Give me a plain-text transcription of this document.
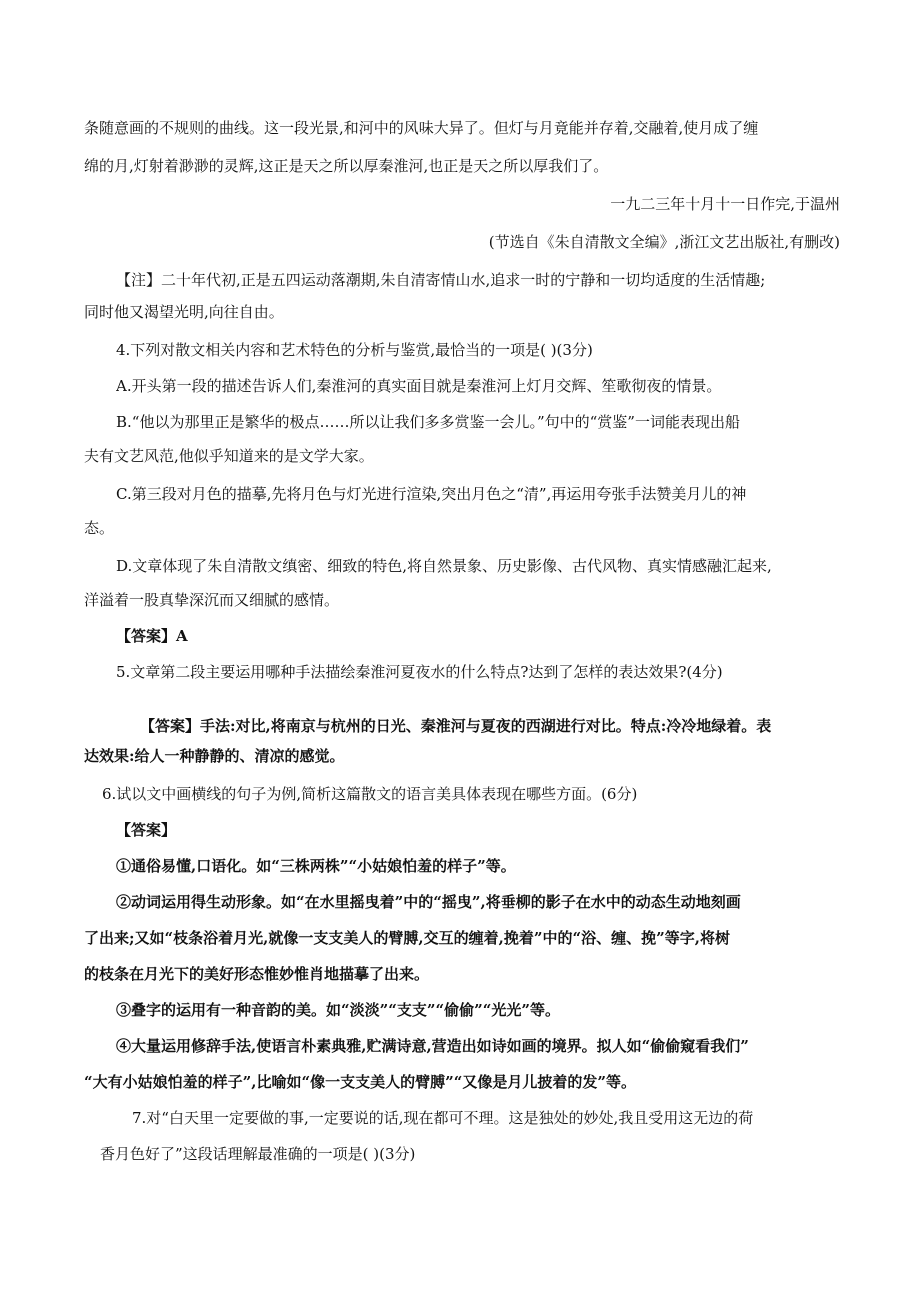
条随意画的不规则的曲线。这一段光景,和河中的风味大异了。但灯与月竟能并存着,交融着,使月成了缠
绵的月,灯射着渺渺的灵辉,这正是天之所以厚秦淮河,也正是天之所以厚我们了。
一九二三年十月十一日作完,于温州
(节选自《朱自清散文全编》,浙江文艺出版社,有删改)
【注】二十年代初,正是五四运动落潮期,朱自清寄情山水,追求一时的宁静和一切均适度的生活情趣;
同时他又渴望光明,向往自由。
4.下列对散文相关内容和艺术特色的分析与鉴赏,最恰当的一项是( )(3分)
A.开头第一段的描述告诉人们,秦淮河的真实面目就是秦淮河上灯月交辉、笙歌彻夜的情景。
B.“他以为那里正是繁华的极点……所以让我们多多赏鉴一会儿。”句中的“赏鉴”一词能表现出船
夫有文艺风范,他似乎知道来的是文学大家。
C.第三段对月色的描摹,先将月色与灯光进行渲染,突出月色之“清”,再运用夸张手法赞美月儿的神
态。
D.文章体现了朱自清散文缜密、细致的特色,将自然景象、历史影像、古代风物、真实情感融汇起来,
洋溢着一股真挚深沉而又细腻的感情。
【答案】A
5.文章第二段主要运用哪种手法描绘秦淮河夏夜水的什么特点?达到了怎样的表达效果?(4分)
【答案】手法:对比,将南京与杭州的日光、秦淮河与夏夜的西湖进行对比。特点:冷冷地绿着。表
达效果:给人一种静静的、清凉的感觉。
6.试以文中画横线的句子为例,简析这篇散文的语言美具体表现在哪些方面。(6分)
【答案】
①通俗易懂,口语化。如“三株两株”“小姑娘怕羞的样子”等。
②动词运用得生动形象。如“在水里摇曳着”中的“摇曳”,将垂柳的影子在水中的动态生动地刻画
了出来;又如“枝条浴着月光,就像一支支美人的臂膊,交互的缠着,挽着”中的“浴、缠、挽”等字,将树
的枝条在月光下的美好形态惟妙惟肖地描摹了出来。
③叠字的运用有一种音韵的美。如“淡淡”“支支”“偷偷”“光光”等。
④大量运用修辞手法,使语言朴素典雅,贮满诗意,营造出如诗如画的境界。拟人如“偷偷窥看我们”
“大有小姑娘怕羞的样子”,比喻如“像一支支美人的臂膊”“又像是月儿披着的发”等。
7.对“白天里一定要做的事,一定要说的话,现在都可不理。这是独处的妙处,我且受用这无边的荷
香月色好了”这段话理解最准确的一项是( )(3分)
